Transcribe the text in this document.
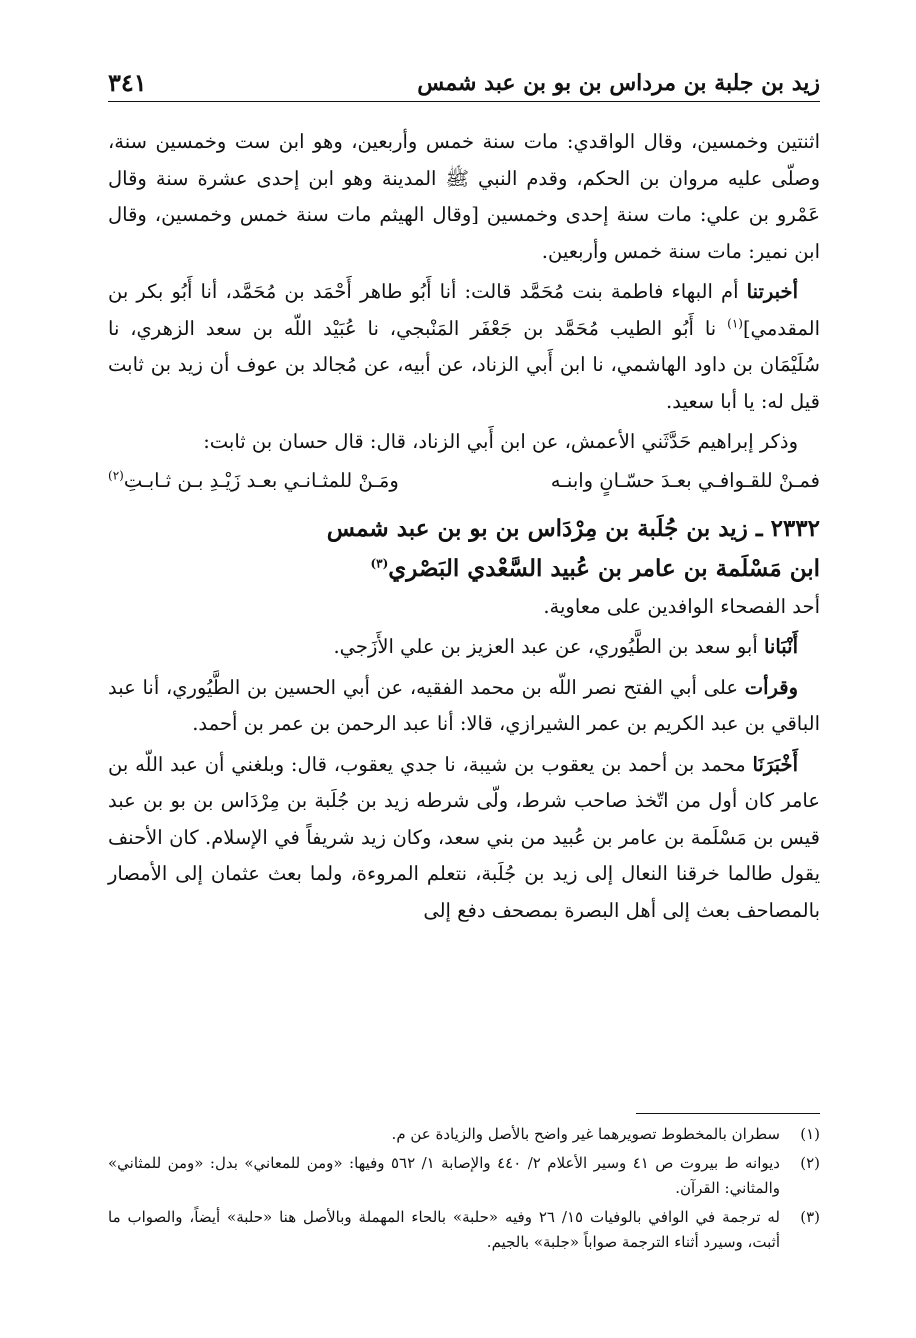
زيد بن جلبة بن مرداس بن بو بن عبد شمس
٣٤١

اثنتين وخمسين، وقال الواقدي: مات سنة خمس وأربعين، وهو ابن ست وخمسين سنة، وصلّى عليه مروان بن الحكم، وقدم النبي ﷺ المدينة وهو ابن إحدى عشرة سنة وقال عَمْرو بن علي: مات سنة إحدى وخمسين [وقال الهيثم مات سنة خمس وخمسين، وقال ابن نمير: مات سنة خمس وأربعين.

أخبرتنا أم البهاء فاطمة بنت مُحَمَّد قالت: أنا أَبُو طاهر أَحْمَد بن مُحَمَّد، أنا أَبُو بكر بن المقدمي]$^{(١)}$ نا أَبُو الطيب مُحَمَّد بن جَعْفَر المَنْبجي، نا عُبَيْد اللّه بن سعد الزهري، نا سُلَيْمَان بن داود الهاشمي، نا ابن أَبي الزناد، عن أبيه، عن مُجالد بن عوف أن زيد بن ثابت قيل له: يا أبا سعيد.

وذكر إبراهيم حَدَّثَني الأعمش، عن ابن أَبي الزناد، قال: قال حسان بن ثابت:

فمـنْ للقـوافـي بعـدَ حسّـانٍ وابنـه
ومَـنْ للمثـانـي بعـد زَيْـدِ بـن ثـابـتِ$^{(٢)}$
٢٣٣٢ ـ زيد بن جُلَبة بن مِرْدَاس بن بو بن عبد شمس
ابن مَسْلَمة بن عامر بن عُبيد السَّعْدي البَصْري$^{(٣)}$

أحد الفصحاء الوافدين على معاوية.

أَنْبَانا أبو سعد بن الطَّيُوري، عن عبد العزيز بن علي الأَزَجي.

وقرأت على أبي الفتح نصر اللّه بن محمد الفقيه، عن أبي الحسين بن الطَّيُوري، أنا عبد الباقي بن عبد الكريم بن عمر الشيرازي، قالا: أنا عبد الرحمن بن عمر بن أحمد.

أَخْبَرَنَا محمد بن أحمد بن يعقوب بن شيبة، نا جدي يعقوب، قال: وبلغني أن عبد اللّه بن عامر كان أول من اتّخذ صاحب شرط، ولّى شرطه زيد بن جُلَبة بن مِرْدَاس بن بو بن عبد قيس بن مَسْلَمة بن عامر بن عُبيد من بني سعد، وكان زيد شريفاً في الإسلام. كان الأحنف يقول طالما خرقنا النعال إلى زيد بن جُلَبة، نتعلم المروءة، ولما بعث عثمان إلى الأمصار بالمصاحف بعث إلى أهل البصرة بمصحف دفع إلى

(١)
سطران بالمخطوط تصويرهما غير واضح بالأصل والزيادة عن م.
(٢)
ديوانه ط بيروت ص ٤١ وسير الأعلام ٢/ ٤٤٠ والإصابة ١/ ٥٦٢ وفيها: «ومن للمعاني» بدل: «ومن للمثاني» والمثاني: القرآن.
(٣)
له ترجمة في الوافي بالوفيات ١٥/ ٢٦ وفيه «حلبة» بالحاء المهملة وبالأصل هنا «حلبة» أيضاً، والصواب ما أثبت، وسيرد أثناء الترجمة صواباً «جلبة» بالجيم.
